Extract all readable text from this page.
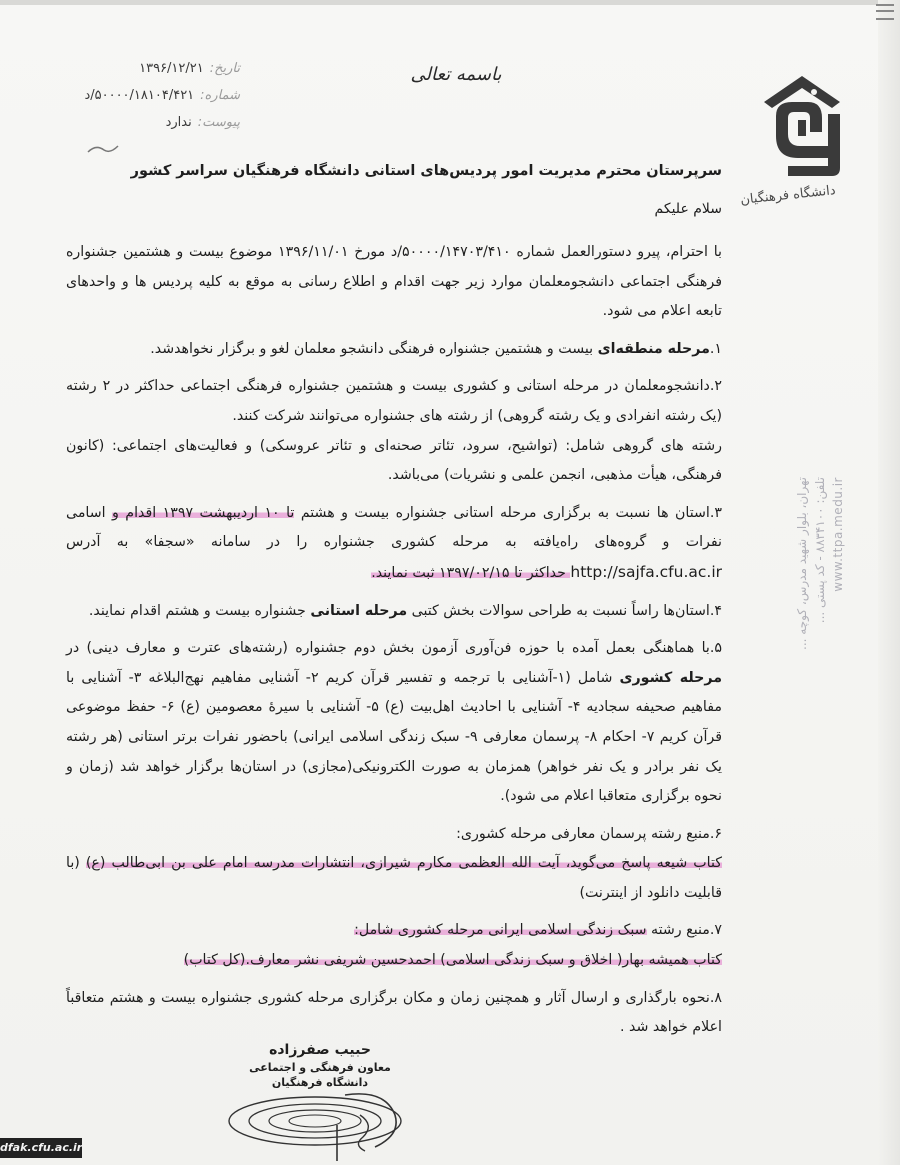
دانشگاه فرهنگیان
باسمه تعالی
تاریخ:۱۳۹۶/۱۲/۲۱
شماره:۵۰۰۰۰/۱۸۱۰۴/۴۲۱/د
پیوست:ندارد
سرپرستان محترم مدیریت امور پردیس‌های استانی دانشگاه فرهنگیان سراسر کشور
سلام علیکم

با احترام، پیرو دستورالعمل شماره ۵۰۰۰۰/۱۴۷۰۳/۴۱۰/د مورخ ۱۳۹۶/۱۱/۰۱ موضوع بیست و هشتمین جشنواره فرهنگی اجتماعی دانشجومعلمان موارد زیر جهت اقدام و اطلاع رسانی به موقع به کلیه پردیس ها و واحدهای تابعه اعلام می شود.

۱.مرحله منطقه‌ای بیست و هشتمین جشنواره فرهنگی دانشجو معلمان لغو و برگزار نخواهدشد.

۲.دانشجومعلمان در مرحله استانی و کشوری بیست و هشتمین جشنواره فرهنگی اجتماعی حداکثر در ۲ رشته (یک رشته انفرادی و یک رشته گروهی) از رشته های جشنواره می‌توانند شرکت کنند.

رشته های گروهی شامل: (تواشیح، سرود، تئاتر صحنه‌ای و تئاتر عروسکی) و فعالیت‌های اجتماعی: (کانون فرهنگی، هیأت مذهبی، انجمن علمی و نشریات) می‌باشد.

۳.استان ها نسبت به برگزاری مرحله استانی جشنواره بیست و هشتم تا ۱۰ اردیبهشت ۱۳۹۷ اقدام و اسامی نفرات و گروه‌های راه‌یافته به مرحله کشوری جشنواره را در سامانه «سجفا» به آدرس http://sajfa.cfu.ac.ir حداکثر تا ۱۳۹۷/۰۲/۱۵ ثبت نمایند.

۴.استان‌ها راساً نسبت به طراحی سوالات بخش کتبی مرحله استانی جشنواره بیست و هشتم اقدام نمایند.

۵.با هماهنگی بعمل آمده با حوزه فن‌آوری آزمون بخش دوم جشنواره (رشته‌های عترت و معارف دینی) در مرحله کشوری شامل (۱-آشنایی با ترجمه و تفسیر قرآن کریم ۲- آشنایی مفاهیم نهج‌البلاغه ۳- آشنایی با مفاهیم صحیفه سجادیه ۴- آشنایی با احادیث اهل‌بیت (ع) ۵- آشنایی با سیرهٔ معصومین (ع) ۶- حفظ موضوعی قرآن کریم ۷- احکام ۸- پرسمان معارفی ۹- سبک زندگی اسلامی ایرانی) باحضور نفرات برتر استانی (هر رشته یک نفر برادر و یک نفر خواهر) همزمان به صورت الکترونیکی(مجازی) در استان‌ها برگزار خواهد شد (زمان و نحوه برگزاری متعاقبا اعلام می شود).

۶.منبع رشته پرسمان معارفی مرحله کشوری:
کتاب شیعه پاسخ می‌گوید، آیت الله العظمی مکارم شیرازی، انتشارات مدرسه امام علی بن ابی‌طالب (ع) (با قابلیت دانلود از اینترنت)

۷.منبع رشته سبک زندگی اسلامی ایرانی مرحله کشوری شامل:
کتاب همیشه بهار( اخلاق و سبک زندگی اسلامی) احمدحسین شریفی نشر معارف.(کل کتاب)

۸.نحوه بارگذاری و ارسال آثار و همچنین زمان و مکان برگزاری مرحله کشوری جشنواره بیست و هشتم متعاقباً اعلام خواهد شد .

حبیب صفرزاده
معاون فرهنگی و اجتماعی
دانشگاه فرهنگیان
تهران، بلوار شهید مدرس، کوچه ... تلفن: ۸۸۳۴۱۰۰ - کد پستی ... www.ttpa.medu.ir
dfak.cfu.ac.ir
